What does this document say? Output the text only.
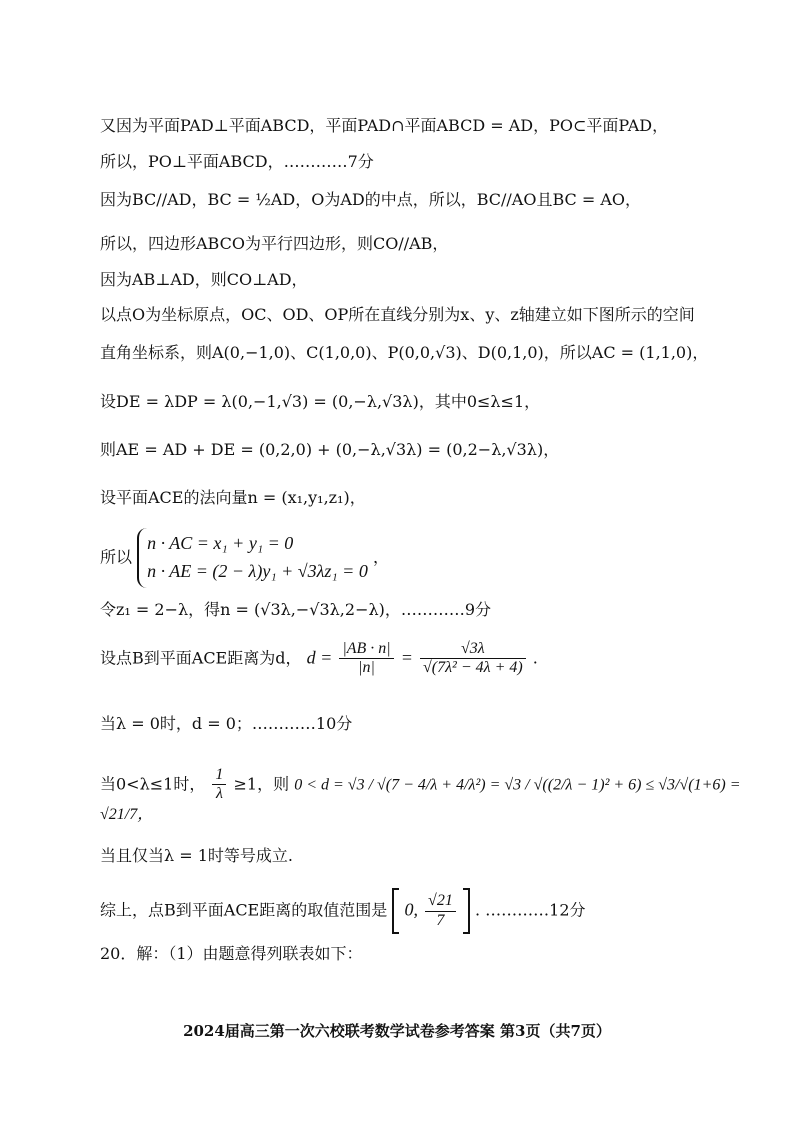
又因为平面PAD⊥平面ABCD，平面PAD∩平面ABCD = AD，PO⊂平面PAD，
所以，PO⊥平面ABCD，…………7分
因为BC//AD，BC = ½AD，O为AD的中点，所以，BC//AO且BC = AO，
所以，四边形ABCO为平行四边形，则CO//AB，
因为AB⊥AD，则CO⊥AD，
以点O为坐标原点，OC、OD、OP所在直线分别为x、y、z轴建立如下图所示的空间
直角坐标系，则A(0,−1,0)、C(1,0,0)、P(0,0,√3)、D(0,1,0)，所以AC = (1,1,0)，
设DE = λDP = λ(0,−1,√3) = (0,−λ,√3λ)，其中0≤λ≤1，
则AE = AD + DE = (0,2,0) + (0,−λ,√3λ) = (0,2−λ,√3λ)，
设平面ACE的法向量n = (x₁,y₁,z₁)，
所以
n · AC = x₁ + y₁ = 0
n · AE = (2 − λ)y₁ + √3λz₁ = 0
，
令z₁ = 2−λ，得n = (√3λ,−√3λ,2−λ)，…………9分
设点B到平面ACE距离为d， $d = \frac{|AB \cdot n|}{|n|} = \frac{√3\lambda}{\text{√(7λ² − 4λ + 4)}}$ .
当λ = 0时，d = 0；…………10分
当0<λ≤1时， $\frac{1}{\lambda} \ge 1$，则 0 < d = √3 / √(7 − 4/λ + 4/λ²) = √3 / √((2/λ − 1)² + 6) ≤ √3/√(1+6) = √21/7，
当且仅当λ = 1时等号成立.
综上，点B到平面ACE距离的取值范围是 0, $\frac{√21}{7}$ . …………12分
20．解：（1）由题意得列联表如下：
2024届高三第一次六校联考数学试卷参考答案 第3页（共7页）
